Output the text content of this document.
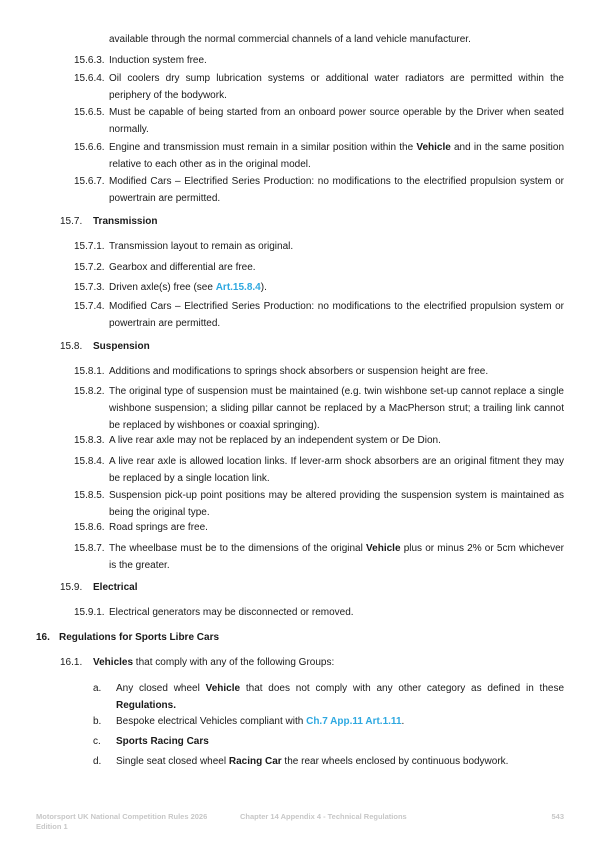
available through the normal commercial channels of a land vehicle manufacturer.
15.6.3. Induction system free.
15.6.4. Oil coolers dry sump lubrication systems or additional water radiators are permitted within the periphery of the bodywork.
15.6.5. Must be capable of being started from an onboard power source operable by the Driver when seated normally.
15.6.6. Engine and transmission must remain in a similar position within the Vehicle and in the same position relative to each other as in the original model.
15.6.7. Modified Cars – Electrified Series Production: no modifications to the electrified propulsion system or powertrain are permitted.
15.7. Transmission
15.7.1. Transmission layout to remain as original.
15.7.2. Gearbox and differential are free.
15.7.3. Driven axle(s) free (see Art.15.8.4).
15.7.4. Modified Cars – Electrified Series Production: no modifications to the electrified propulsion system or powertrain are permitted.
15.8. Suspension
15.8.1. Additions and modifications to springs shock absorbers or suspension height are free.
15.8.2. The original type of suspension must be maintained (e.g. twin wishbone set-up cannot replace a single wishbone suspension; a sliding pillar cannot be replaced by a MacPherson strut; a trailing link cannot be replaced by wishbones or coaxial springing).
15.8.3. A live rear axle may not be replaced by an independent system or De Dion.
15.8.4. A live rear axle is allowed location links. If lever-arm shock absorbers are an original fitment they may be replaced by a single location link.
15.8.5. Suspension pick-up point positions may be altered providing the suspension system is maintained as being the original type.
15.8.6. Road springs are free.
15.8.7. The wheelbase must be to the dimensions of the original Vehicle plus or minus 2% or 5cm whichever is the greater.
15.9. Electrical
15.9.1. Electrical generators may be disconnected or removed.
16. Regulations for Sports Libre Cars
16.1. Vehicles that comply with any of the following Groups:
a. Any closed wheel Vehicle that does not comply with any other category as defined in these Regulations.
b. Bespoke electrical Vehicles compliant with Ch.7 App.11 Art.1.11.
c. Sports Racing Cars
d. Single seat closed wheel Racing Car the rear wheels enclosed by continuous bodywork.
Motorsport UK National Competition Rules 2026
Edition 1
Chapter 14 Appendix 4 - Technical Regulations	543
